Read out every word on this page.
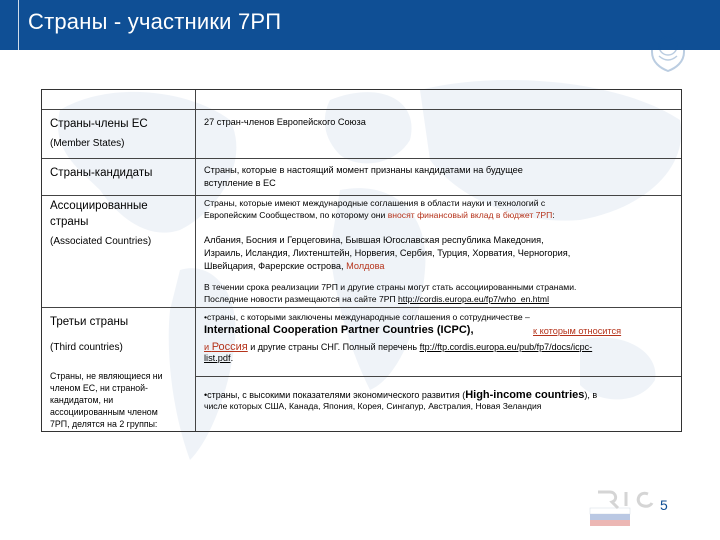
Страны - участники 7РП
Страны-члены ЕС
(Member States)
27 стран-членов Европейского Союза
Страны-кандидаты	Страны, которые в настоящий момент признаны кандидатами на будущее
вступление в ЕС
Ассоциированные
страны
(Associated Countries)
Страны, которые имеют международные соглашения в области науки и технологий с
Европейским Сообществом, по которому они вносят финансовый вклад в бюджет 7РП:
Албания, Босния и Герцеговина, Бывшая Югославская республика Македония,
Израиль, Исландия, Лихтенштейн, Норвегия, Сербия, Турция, Хорватия, Черногория,
Швейцария, Фарерские острова, Молдова
В течении срока реализации 7РП и другие страны могут стать ассоциированными странами.
Последние новости размещаются на сайте 7РП http://cordis.europa.eu/fp7/who_en.html
Третьи страны
(Third countries)
Страны, не являющиеся ни
членом ЕС, ни страной-
кандидатом, ни
ассоциированным членом
7РП, делятся на 2 группы:
•страны, с которыми заключены международные соглашения о сотрудничестве –
International Cooperation Partner Countries (ICPC),	к которым относится
и Россия и другие страны СНГ. Полный перечень ftp://ftp.cordis.europa.eu/pub/fp7/docs/icpc-
list.pdf.
•страны, с высокими показателями экономического развития (High-income countries), в
числе которых США, Канада, Япония, Корея, Сингапур, Австралия, Новая Зеландия
5
